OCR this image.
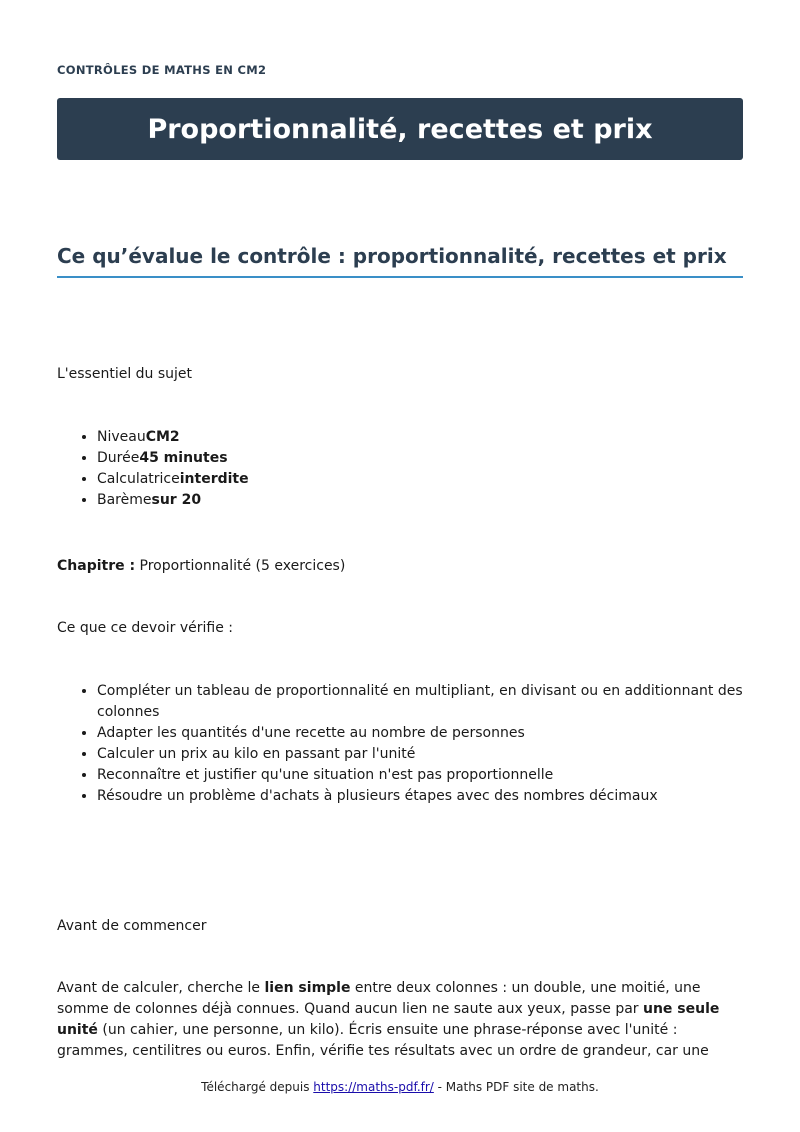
CONTRÔLES DE MATHS EN CM2
Proportionnalité, recettes et prix
Ce qu’évalue le contrôle : proportionnalité, recettes et prix

L'essentiel du sujet

• NiveauCM2
• Durée45 minutes
• Calculatriceinterdite
• Barèmesur 20

Chapitre : Proportionnalité (5 exercices)

Ce que ce devoir vérifie :

• Compléter un tableau de proportionnalité en multipliant, en divisant ou en additionnant des colonnes
• Adapter les quantités d'une recette au nombre de personnes
• Calculer un prix au kilo en passant par l'unité
• Reconnaître et justifier qu'une situation n'est pas proportionnelle
• Résoudre un problème d'achats à plusieurs étapes avec des nombres décimaux

Avant de commencer

Avant de calculer, cherche le lien simple entre deux colonnes : un double, une moitié, une somme de colonnes déjà connues. Quand aucun lien ne saute aux yeux, passe par une seule unité (un cahier, une personne, un kilo). Écris ensuite une phrase-réponse avec l'unité : grammes, centilitres ou euros. Enfin, vérifie tes résultats avec un ordre de grandeur, car une

Téléchargé depuis https://maths-pdf.fr/ - Maths PDF site de maths.
